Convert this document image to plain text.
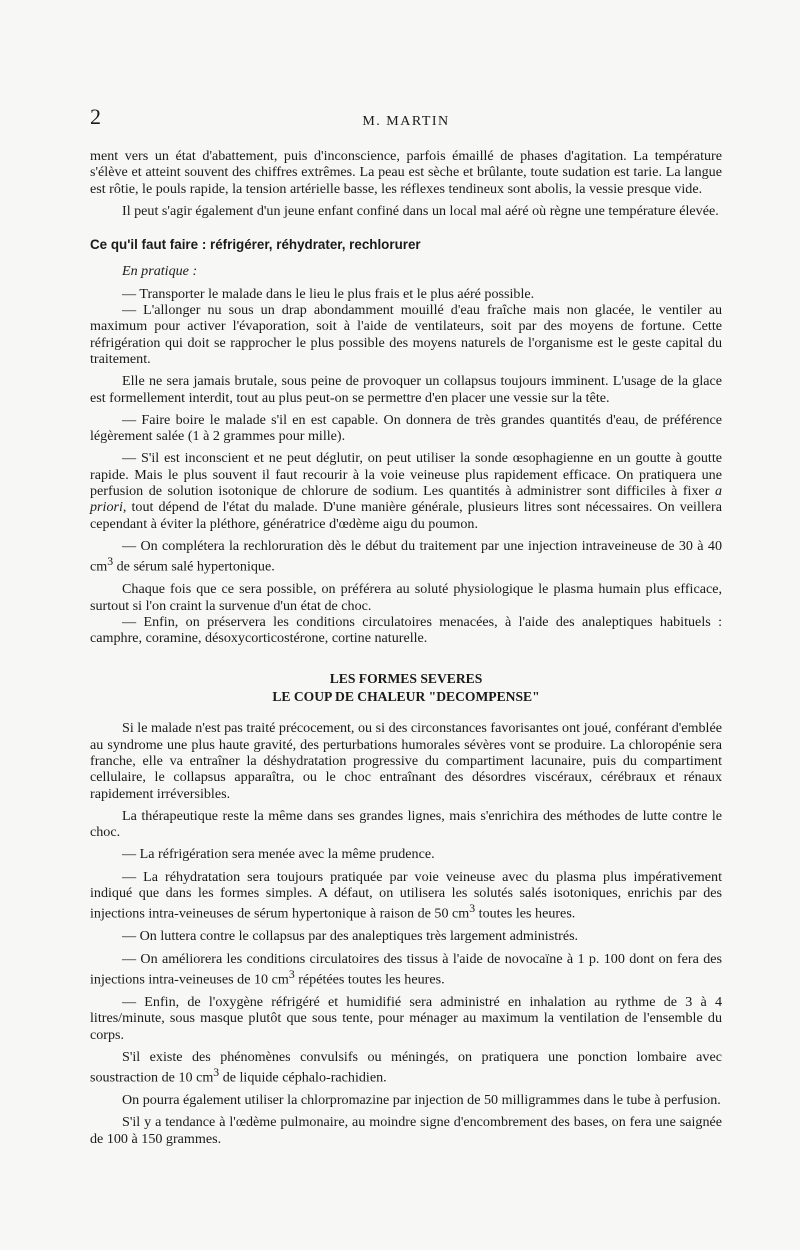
2	M. MARTIN

ment vers un état d'abattement, puis d'inconscience, parfois émaillé de phases d'agitation. La température s'élève et atteint souvent des chiffres extrêmes. La peau est sèche et brûlante, toute sudation est tarie. La langue est rôtie, le pouls rapide, la tension artérielle basse, les réflexes tendineux sont abolis, la vessie presque vide.

Il peut s'agir également d'un jeune enfant confiné dans un local mal aéré où règne une température élevée.

Ce qu'il faut faire : réfrigérer, réhydrater, rechlorurer

En pratique :

— Transporter le malade dans le lieu le plus frais et le plus aéré possible.

— L'allonger nu sous un drap abondamment mouillé d'eau fraîche mais non glacée, le ventiler au maximum pour activer l'évaporation, soit à l'aide de ventilateurs, soit par des moyens de fortune. Cette réfrigération qui doit se rapprocher le plus possible des moyens naturels de l'organisme est le geste capital du traitement.

Elle ne sera jamais brutale, sous peine de provoquer un collapsus toujours imminent. L'usage de la glace est formellement interdit, tout au plus peut-on se permettre d'en placer une vessie sur la tête.

— Faire boire le malade s'il en est capable. On donnera de très grandes quantités d'eau, de préférence légèrement salée (1 à 2 grammes pour mille).

— S'il est inconscient et ne peut déglutir, on peut utiliser la sonde œsophagienne en un goutte à goutte rapide. Mais le plus souvent il faut recourir à la voie veineuse plus rapidement efficace. On pratiquera une perfusion de solution isotonique de chlorure de sodium. Les quantités à administrer sont difficiles à fixer a priori, tout dépend de l'état du malade. D'une manière générale, plusieurs litres sont nécessaires. On veillera cependant à éviter la pléthore, génératrice d'œdème aigu du poumon.

— On complétera la rechloruration dès le début du traitement par une injection intraveineuse de 30 à 40 $cm^3$ de sérum salé hypertonique.

Chaque fois que ce sera possible, on préférera au soluté physiologique le plasma humain plus efficace, surtout si l'on craint la survenue d'un état de choc.

— Enfin, on préservera les conditions circulatoires menacées, à l'aide des analeptiques habituels : camphre, coramine, désoxycorticostérone, cortine naturelle.

LES FORMES SEVERES
LE COUP DE CHALEUR "DECOMPENSE"

Si le malade n'est pas traité précocement, ou si des circonstances favorisantes ont joué, conférant d'emblée au syndrome une plus haute gravité, des perturbations humorales sévères vont se produire. La chloropénie sera franche, elle va entraîner la déshydratation progressive du compartiment lacunaire, puis du compartiment cellulaire, le collapsus apparaîtra, ou le choc entraînant des désordres viscéraux, cérébraux et rénaux rapidement irréversibles.

La thérapeutique reste la même dans ses grandes lignes, mais s'enrichira des méthodes de lutte contre le choc.

— La réfrigération sera menée avec la même prudence.

— La réhydratation sera toujours pratiquée par voie veineuse avec du plasma plus impérativement indiqué que dans les formes simples. A défaut, on utilisera les solutés salés isotoniques, enrichis par des injections intra-veineuses de sérum hypertonique à raison de 50 $cm^3$ toutes les heures.

— On luttera contre le collapsus par des analeptiques très largement administrés.

— On améliorera les conditions circulatoires des tissus à l'aide de novocaïne à 1 p. 100 dont on fera des injections intra-veineuses de 10 $cm^3$ répétées toutes les heures.

— Enfin, de l'oxygène réfrigéré et humidifié sera administré en inhalation au rythme de 3 à 4 litres/minute, sous masque plutôt que sous tente, pour ménager au maximum la ventilation de l'ensemble du corps.

S'il existe des phénomènes convulsifs ou méningés, on pratiquera une ponction lombaire avec soustraction de 10 $cm^3$ de liquide céphalo-rachidien.

On pourra également utiliser la chlorpromazine par injection de 50 milligrammes dans le tube à perfusion.

S'il y a tendance à l'œdème pulmonaire, au moindre signe d'encombrement des bases, on fera une saignée de 100 à 150 grammes.
